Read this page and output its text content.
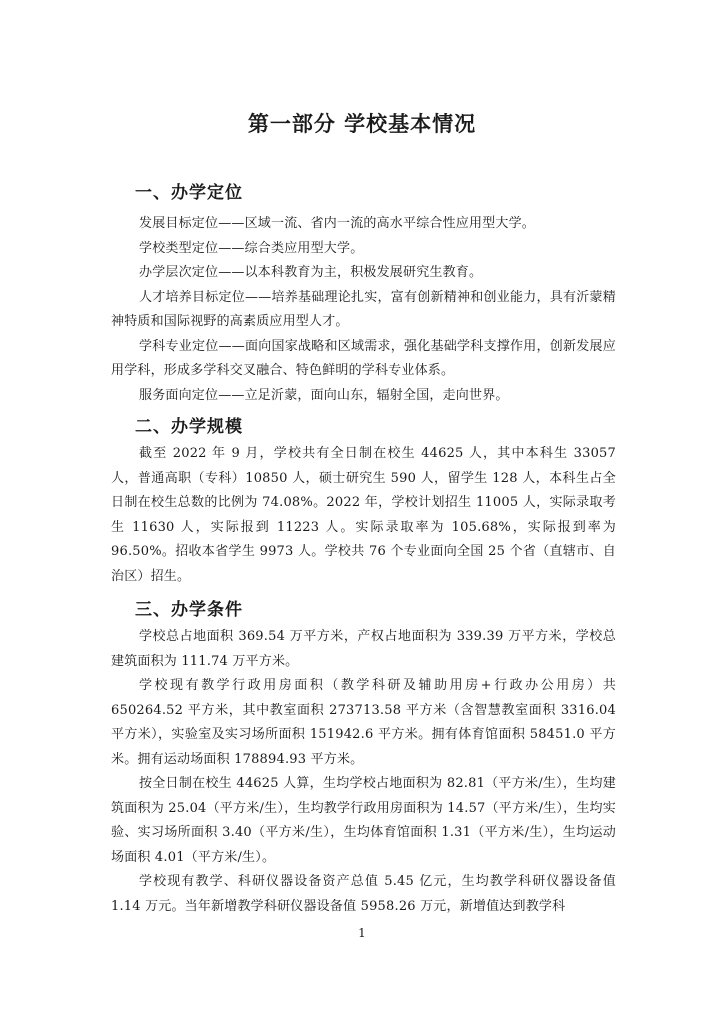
第一部分 学校基本情况
一、办学定位

发展目标定位——区域一流、省内一流的高水平综合性应用型大学。

学校类型定位——综合类应用型大学。

办学层次定位——以本科教育为主，积极发展研究生教育。

人才培养目标定位——培养基础理论扎实，富有创新精神和创业能力，具有沂蒙精神特质和国际视野的高素质应用型人才。

学科专业定位——面向国家战略和区域需求，强化基础学科支撑作用，创新发展应用学科，形成多学科交叉融合、特色鲜明的学科专业体系。

服务面向定位——立足沂蒙，面向山东，辐射全国，走向世界。

二、办学规模

截至 2022 年 9 月，学校共有全日制在校生 44625 人，其中本科生 33057 人，普通高职（专科）10850 人，硕士研究生 590 人，留学生 128 人，本科生占全日制在校生总数的比例为 74.08%。2022 年，学校计划招生 11005 人，实际录取考生 11630 人，实际报到 11223 人。实际录取率为 105.68%，实际报到率为 96.50%。招收本省学生 9973 人。学校共 76 个专业面向全国 25 个省（直辖市、自治区）招生。

三、办学条件

学校总占地面积 369.54 万平方米，产权占地面积为 339.39 万平方米，学校总建筑面积为 111.74 万平方米。

学校现有教学行政用房面积（教学科研及辅助用房+行政办公用房）共 650264.52 平方米，其中教室面积 273713.58 平方米（含智慧教室面积 3316.04 平方米），实验室及实习场所面积 151942.6 平方米。拥有体育馆面积 58451.0 平方米。拥有运动场面积 178894.93 平方米。

按全日制在校生 44625 人算，生均学校占地面积为 82.81（平方米/生），生均建筑面积为 25.04（平方米/生），生均教学行政用房面积为 14.57（平方米/生），生均实验、实习场所面积 3.40（平方米/生），生均体育馆面积 1.31（平方米/生），生均运动场面积 4.01（平方米/生）。

学校现有教学、科研仪器设备资产总值 5.45 亿元，生均教学科研仪器设备值 1.14 万元。当年新增教学科研仪器设备值 5958.26 万元，新增值达到教学科

1
